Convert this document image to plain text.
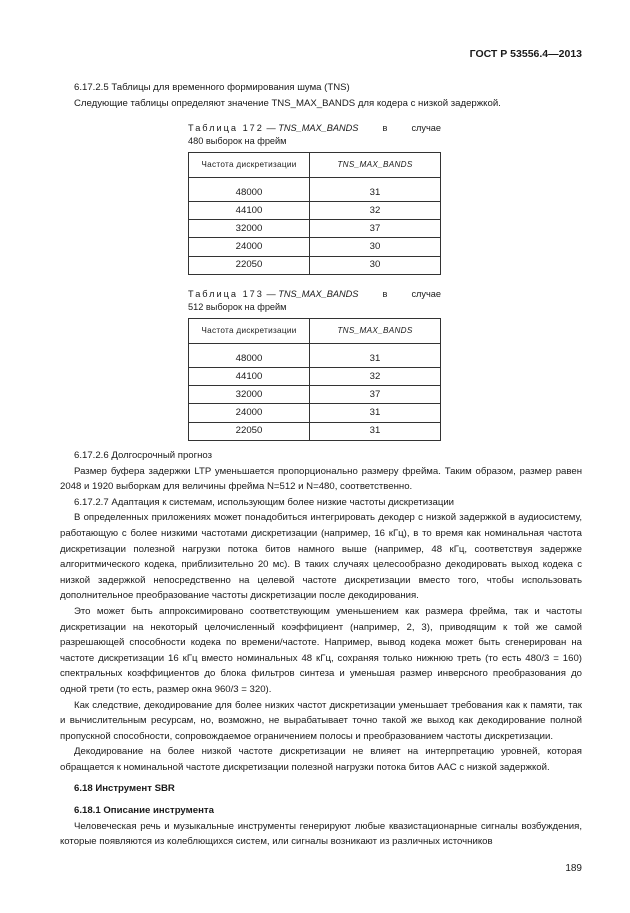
ГОСТ Р 53556.4—2013

6.17.2.5 Таблицы для временного формирования шума (TNS)

Следующие таблицы определяют значение TNS_MAX_BANDS для кодера с низкой задержкой.

Таблица 172 — TNS_MAX_BANDS	в	случае
480 выборок на фрейм
Частота дискретизации	TNS_MAX_BANDS
48000	31
44100	32
32000	37
24000	30
22050	30
Таблица 173 — TNS_MAX_BANDS	в	случае
512 выборок на фрейм
Частота дискретизации	TNS_MAX_BANDS
48000	31
44100	32
32000	37
24000	31
22050	31

6.17.2.6 Долгосрочный прогноз

Размер буфера задержки LTP уменьшается пропорционально размеру фрейма. Таким образом, размер равен 2048 и 1920 выборкам для величины фрейма N=512 и N=480, соответственно.

6.17.2.7 Адаптация к системам, использующим более низкие частоты дискретизации

В определенных приложениях может понадобиться интегрировать декодер с низкой задержкой в аудиосистему, работающую с более низкими частотами дискретизации (например, 16 кГц), в то время как номинальная частота дискретизации полезной нагрузки потока битов намного выше (например, 48 кГц, соответствуя задержке алгоритмического кодека, приблизительно 20 мс). В таких случаях целесообразно декодировать выход кодека с низкой задержкой непосредственно на целевой частоте дискретизации вместо того, чтобы использовать дополнительное преобразование частоты дискретизации после декодирования.

Это может быть аппроксимировано соответствующим уменьшением как размера фрейма, так и частоты дискретизации на некоторый целочисленный коэффициент (например, 2, 3), приводящим к той же самой разрешающей способности кодека по времени/частоте. Например, вывод кодека может быть сгенерирован на частоте дискретизации 16 кГц вместо номинальных 48 кГц, сохраняя только нижнюю треть (то есть 480/3 = 160) спектральных коэффициентов до блока фильтров синтеза и уменьшая размер инверсного преобразования до одной трети (то есть, размер окна 960/3 = 320).

Как следствие, декодирование для более низких частот дискретизации уменьшает требования как к памяти, так и вычислительным ресурсам, но, возможно, не вырабатывает точно такой же выход как декодирование полной пропускной способности, сопровождаемое ограничением полосы и преобразованием частоты дискретизации.

Декодирование на более низкой частоте дискретизации не влияет на интерпретацию уровней, которая обращается к номинальной частоте дискретизации полезной нагрузки потока битов AAC с низкой задержкой.

6.18 Инструмент SBR

6.18.1 Описание инструмента

Человеческая речь и музыкальные инструменты генерируют любые квазистационарные сигналы возбуждения, которые появляются из колеблющихся систем, или сигналы возникают из различных источников

189
